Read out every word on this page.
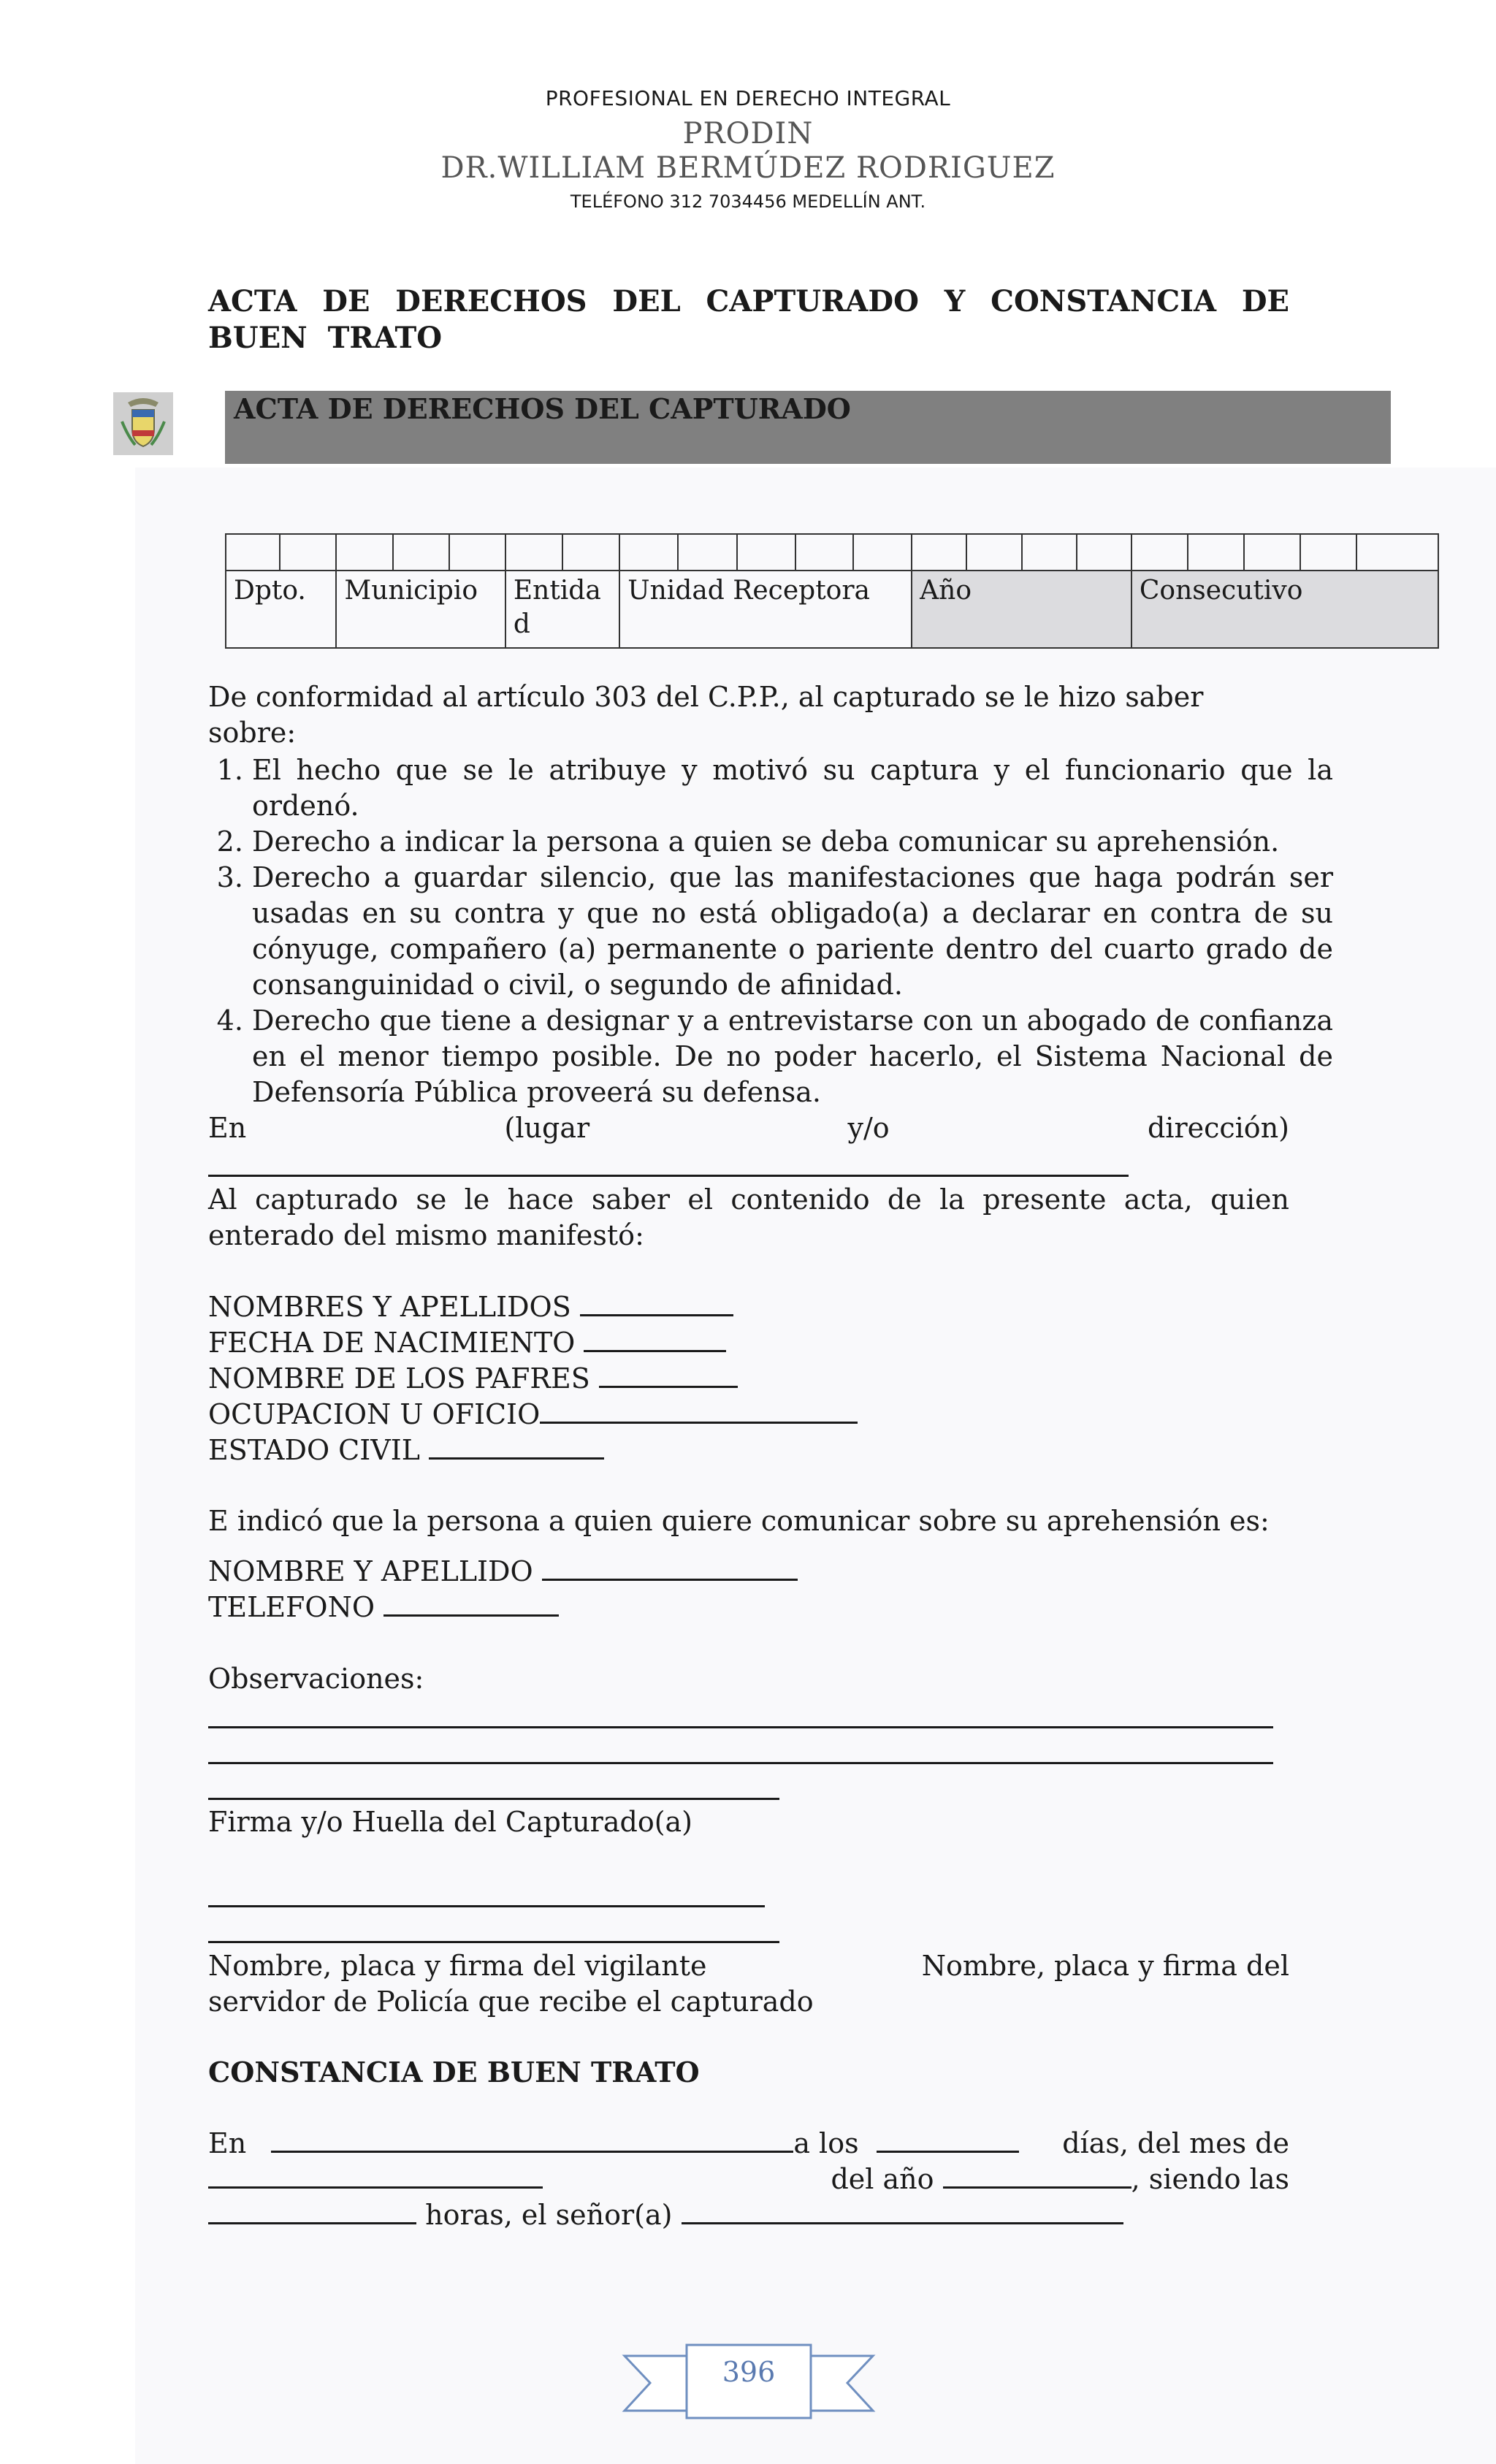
PROFESIONAL EN DERECHO INTEGRAL
PRODIN
DR.WILLIAM BERMÚDEZ RODRIGUEZ
TELÉFONO 312 7034456 MEDELLÍN ANT.
ACTA DE DERECHOS DEL CAPTURADO Y CONSTANCIA DE BUEN TRATO
ACTA DE DERECHOS DEL CAPTURADO

Dpto.		Municipio			Entida d		Unidad Receptora					Año				Consecutivo				
De conformidad al artículo 303 del C.P.P., al capturado se le hizo saber sobre:
1. El hecho que se le atribuye y motivó su captura y el funcionario que la ordenó.
2. Derecho a indicar la persona a quien se deba comunicar su aprehensión.
3. Derecho a guardar silencio, que las manifestaciones que haga podrán ser usadas en su contra y que no está obligado(a) a declarar en contra de su cónyuge, compañero (a) permanente o pariente dentro del cuarto grado de consanguinidad o civil, o segundo de afinidad.
4. Derecho que tiene a designar y a entrevistarse con un abogado de confianza en el menor tiempo posible. De no poder hacerlo, el Sistema Nacional de Defensoría Pública proveerá su defensa.
En (lugar y/o dirección)
Al capturado se le hace saber el contenido de la presente acta, quien enterado del mismo manifestó:
NOMBRES Y APELLIDOS
FECHA DE NACIMIENTO
NOMBRE DE LOS PAFRES
OCUPACION U OFICIO
ESTADO CIVIL
E indicó que la persona a quien quiere comunicar sobre su aprehensión es:
NOMBRE Y APELLIDO
TELEFONO
Observaciones:
Firma y/o Huella del Capturado(a)
Nombre, placa y firma del vigilante	Nombre, placa y firma del
servidor de Policía que recibe el capturado
CONSTANCIA DE BUEN TRATO
En	a los	días, del mes de
del año	, siendo las
horas, el señor(a)
396
